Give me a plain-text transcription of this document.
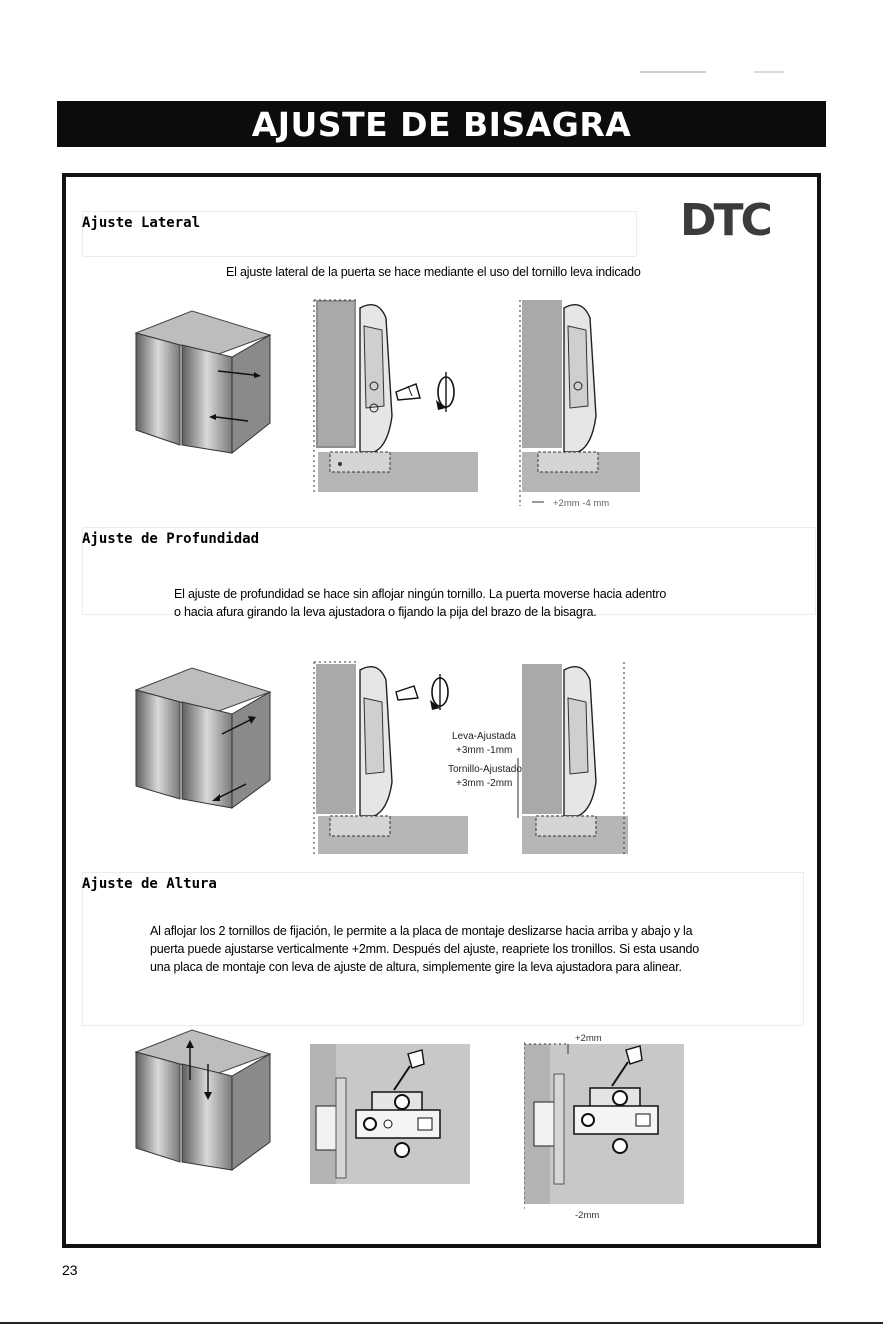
AJUSTE DE BISAGRA
Ajuste Lateral	DTC
El ajuste lateral de la puerta se hace mediante el uso del tornillo leva indicado
+2mm -4 mm
Ajuste de Profundidad
El ajuste de profundidad se hace sin aflojar ningún tornillo. La puerta moverse hacia adentro
o hacia afura girando la leva ajustadora o fijando la pija del brazo de la bisagra.
Leva-Ajustada
+3mm -1mm
Tornillo-Ajustado
+3mm -2mm
Ajuste de Altura
Al aflojar los 2 tornillos de fijación, le permite a la placa de montaje deslizarse hacia arriba y abajo y la
puerta puede ajustarse verticalmente +2mm. Después del ajuste, reapriete los tronillos. Si esta usando
una placa de montaje con leva de ajuste de altura, simplemente gire la leva ajustadora para alinear.
+2mm
-2mm
23
